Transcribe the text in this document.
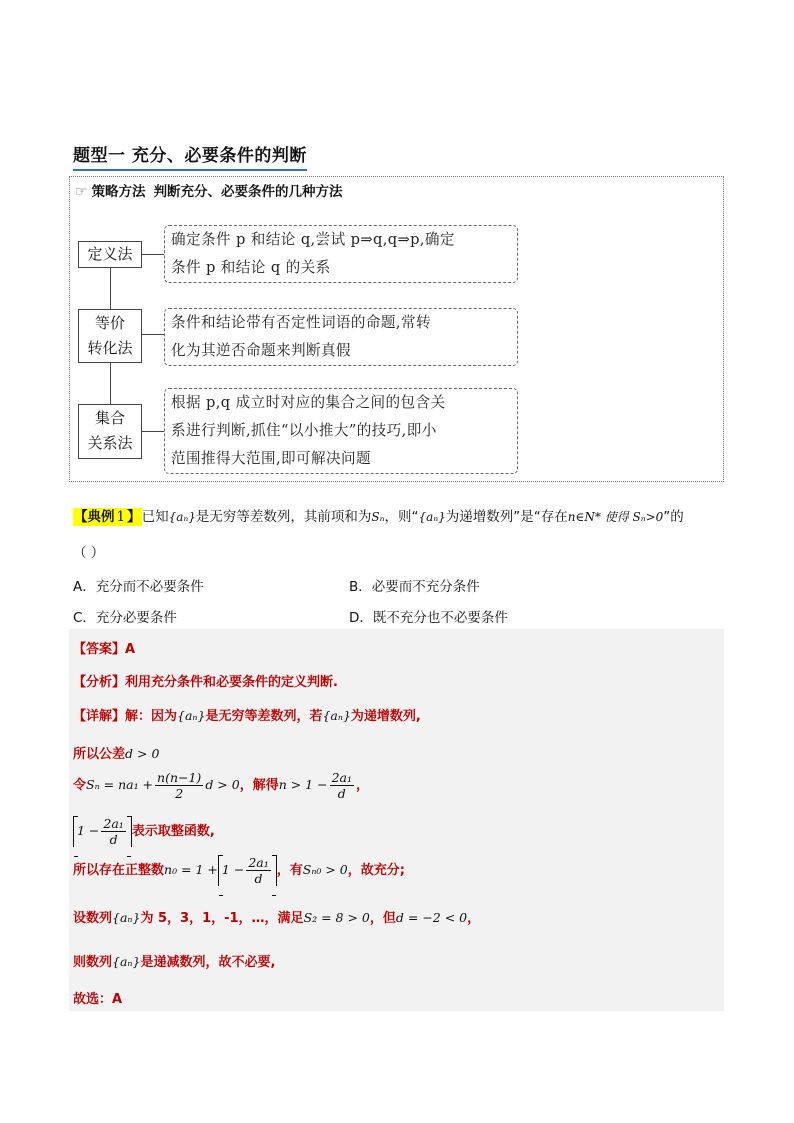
题型一 充分、必要条件的判断
☞ 策略方法 判断充分、必要条件的几种方法
定义法
确定条件 p 和结论 q,尝试 p⇒q,q⇒p,确定
条件 p 和结论 q 的关系
等价
转化法
条件和结论带有否定性词语的命题,常转
化为其逆否命题来判断真假
集合
关系法
根据 p,q 成立时对应的集合之间的包含关
系进行判断,抓住“以小推大”的技巧,即小
范围推得大范围,即可解决问题
【典例 1 】已知{aₙ}是无穷等差数列，其前项和为Sₙ，则“{aₙ}为递增数列”是“存在n∈N* 使得 Sₙ>0”的
（ ）
A．充分而不必要条件	B．必要而不充分条件
C．充分必要条件	D．既不充分也不必要条件
【答案】A
【分析】利用充分条件和必要条件的定义判断.
【详解】解：因为{aₙ}是无穷等差数列，若{aₙ}为递增数列,
所以公差d > 0
令$S_n = na_1 + \frac{n(n-1)}{2}$ d > 0，解得$n > 1 - \frac{\text{2a₁}}{d}$ ，
$1 - \frac{\text{2a₁}}{d}$ 表示取整函数,
所以存在正整数$n_0 = 1 + 1 - \frac{\text{2a₁}}{d}$ ，有Sₙ₀ > 0，故充分;
设数列{aₙ}为 5，3，1，-1，…，满足S₂ = 8 > 0，但d = −2 < 0，
则数列{aₙ}是递减数列，故不必要,
故选：A
